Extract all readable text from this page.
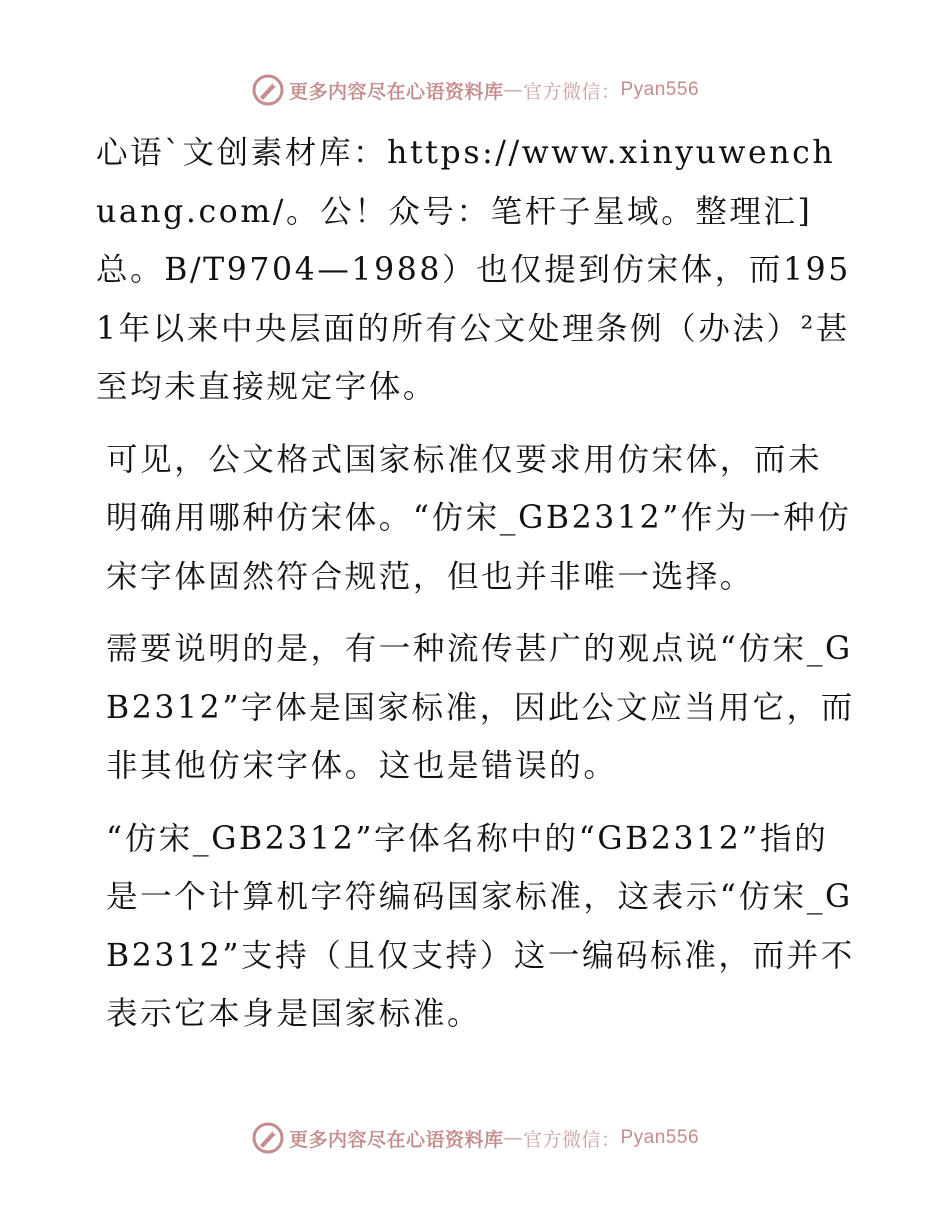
更多内容尽在心语资料库 — 官方微信： Pyan556

心语`文创素材库：https://www.xinyuwenchuang.com/。公！众号：笔杆子星域。整理汇]总。B/T9704—1988）也仅提到仿宋体，而1951年以来中央层面的所有公文处理条例（办法）²甚至均未直接规定字体。

可见，公文格式国家标准仅要求用仿宋体，而未明确用哪种仿宋体。“仿宋_GB2312”作为一种仿宋字体固然符合规范，但也并非唯一选择。

需要说明的是，有一种流传甚广的观点说“仿宋_GB2312”字体是国家标准，因此公文应当用它，而非其他仿宋字体。这也是错误的。

“仿宋_GB2312”字体名称中的“GB2312”指的是一个计算机字符编码国家标准，这表示“仿宋_GB2312”支持（且仅支持）这一编码标准，而并不表示它本身是国家标准。

更多内容尽在心语资料库 — 官方微信： Pyan556
